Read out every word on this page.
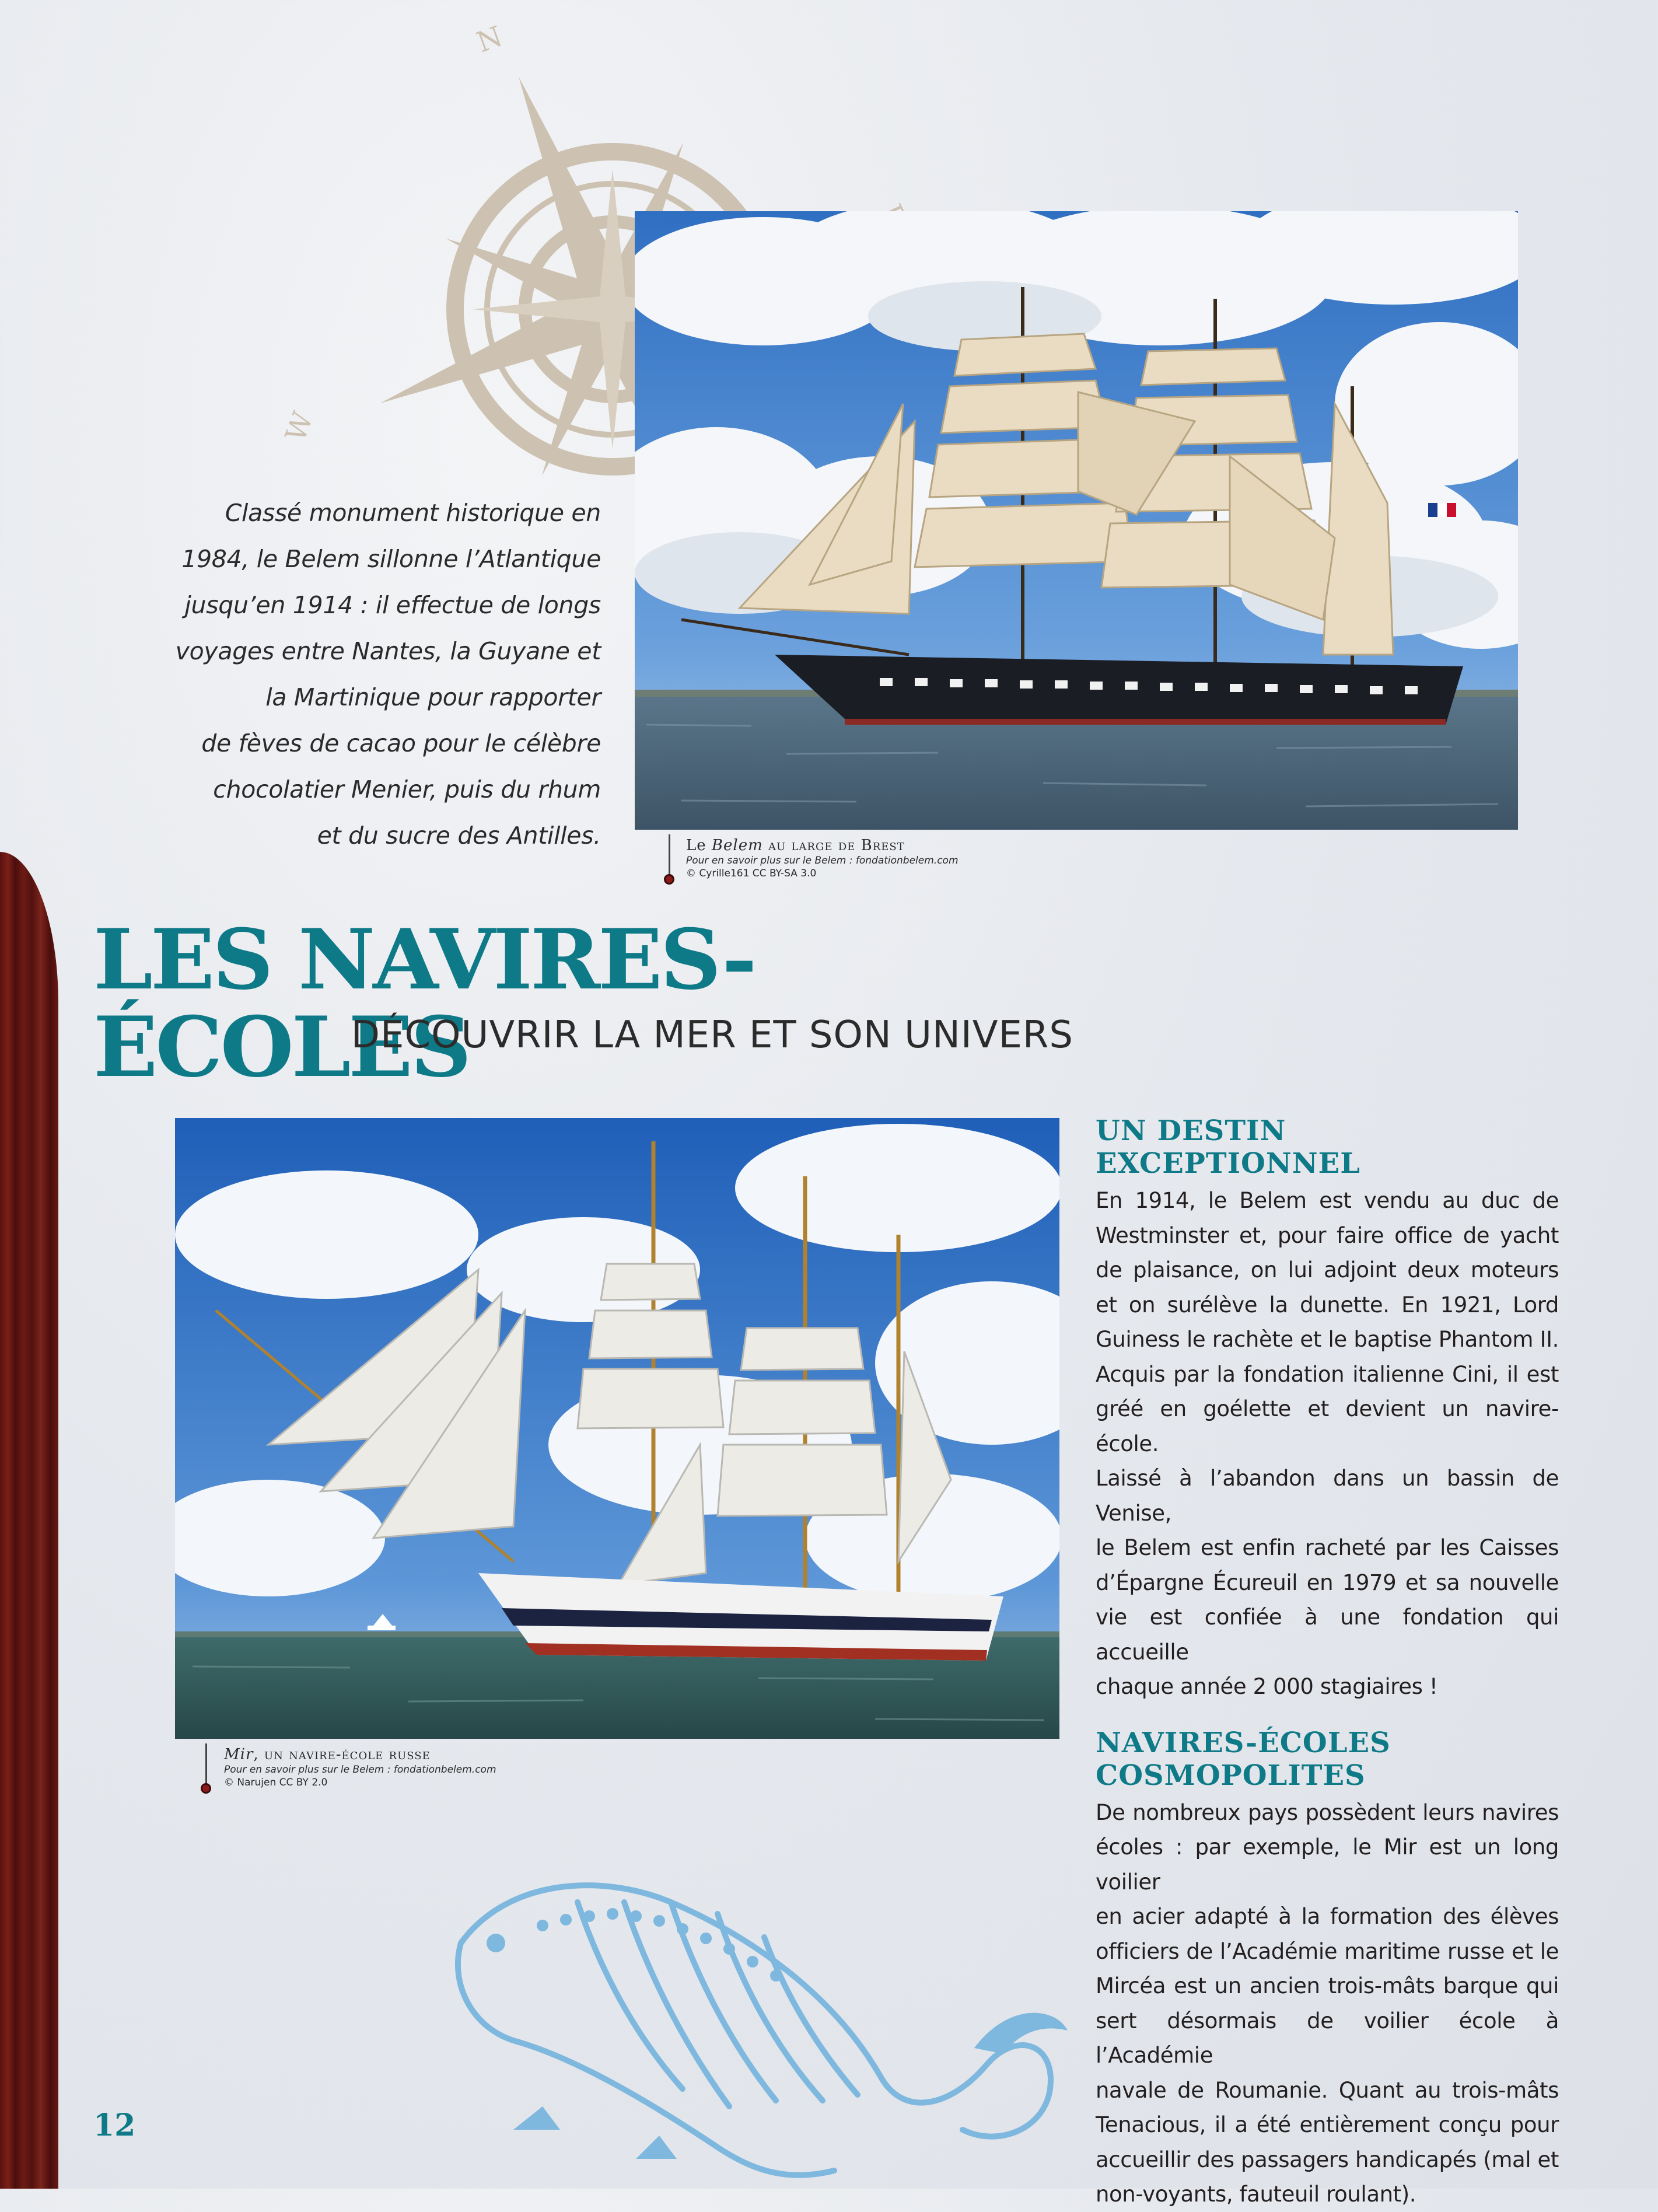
N
W
Classé monument historique en
1984, le Belem sillonne l’Atlantique
jusqu’en 1914 : il effectue de longs
voyages entre Nantes, la Guyane et
la Martinique pour rapporter
de fèves de cacao pour le célèbre
chocolatier Menier, puis du rhum
et du sucre des Antilles.	Le Belem au large de Brest
Pour en savoir plus sur le Belem : fondationbelem.com
© Cyrille161 CC BY-SA 3.0
LES NAVIRES-ÉCOLES
DÉCOUVRIR LA MER ET SON UNIVERS
Mir, un navire-école russe
Pour en savoir plus sur le Belem : fondationbelem.com
© Narujen CC BY 2.0
UN DESTIN
EXCEPTIONNEL

En 1914, le Belem est vendu au duc de
Westminster et, pour faire office de yacht
de plaisance, on lui adjoint deux moteurs
et on surélève la dunette. En 1921, Lord
Guiness le rachète et le baptise Phantom II.
Acquis par la fondation italienne Cini, il est
gréé en goélette et devient un navire-école.
Laissé à l’abandon dans un bassin de Venise,
le Belem est enfin racheté par les Caisses
d’Épargne Écureuil en 1979 et sa nouvelle
vie est confiée à une fondation qui accueille
chaque année 2 000 stagiaires !

NAVIRES-ÉCOLES
COSMOPOLITES

De nombreux pays possèdent leurs navires
écoles : par exemple, le Mir est un long voilier
en acier adapté à la formation des élèves
officiers de l’Académie maritime russe et le
Mircéa est un ancien trois-mâts barque qui
sert désormais de voilier école à l’Académie
navale de Roumanie. Quant au trois-mâts
Tenacious, il a été entièrement conçu pour
accueillir des passagers handicapés (mal et
non-voyants, fauteuil roulant).

12
